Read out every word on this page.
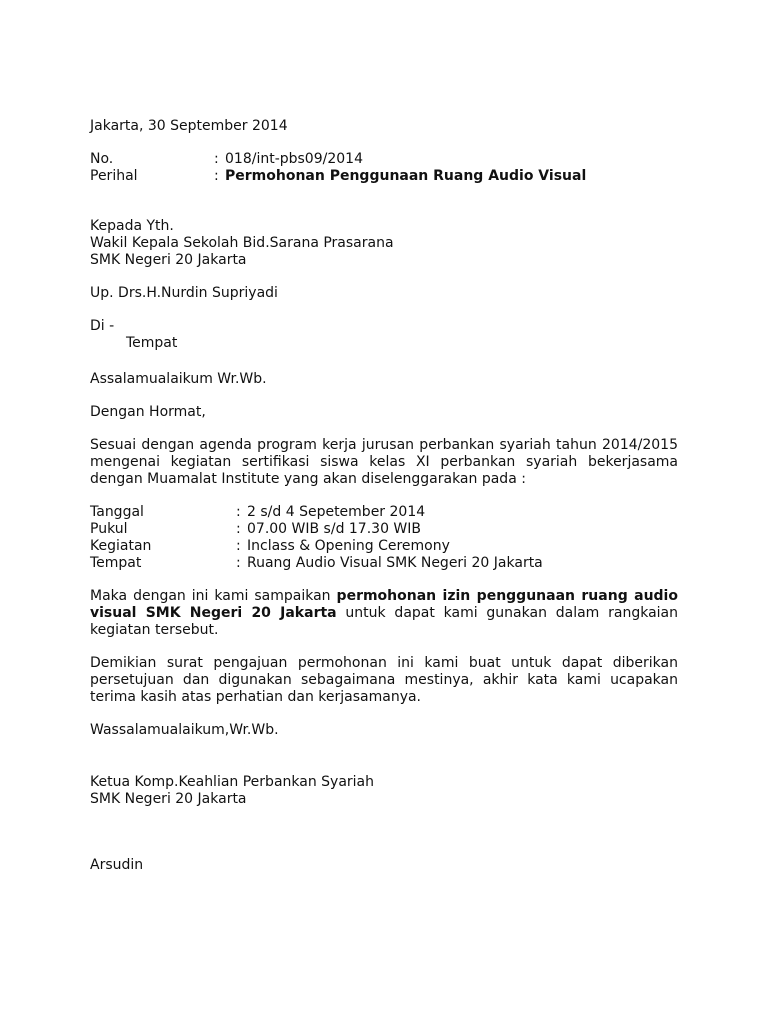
Jakarta, 30 September 2014

No.	: 018/int-pbs09/2014
Perihal	: Permohonan Penggunaan Ruang Audio Visual

Kepada Yth.

Wakil Kepala Sekolah Bid.Sarana Prasarana

SMK Negeri 20 Jakarta

Up. Drs.H.Nurdin Supriyadi

Di -

Tempat

Assalamualaikum Wr.Wb.

Dengan Hormat,

Sesuai dengan agenda program kerja jurusan perbankan syariah tahun 2014/2015 mengenai kegiatan sertifikasi siswa kelas XI perbankan syariah bekerjasama dengan Muamalat Institute yang akan diselenggarakan pada :

Tanggal	: 2 s/d 4 Sepetember 2014
Pukul	: 07.00 WIB s/d 17.30 WIB
Kegiatan	: Inclass & Opening Ceremony
Tempat	: Ruang Audio Visual SMK Negeri 20 Jakarta

Maka dengan ini kami sampaikan permohonan izin penggunaan ruang audio visual SMK Negeri 20 Jakarta untuk dapat kami gunakan dalam rangkaian kegiatan tersebut.

Demikian surat pengajuan permohonan ini kami buat untuk dapat diberikan persetujuan dan digunakan sebagaimana mestinya, akhir kata kami ucapakan terima kasih atas perhatian dan kerjasamanya.

Wassalamualaikum,Wr.Wb.

Ketua Komp.Keahlian Perbankan Syariah

SMK Negeri 20 Jakarta

Arsudin
